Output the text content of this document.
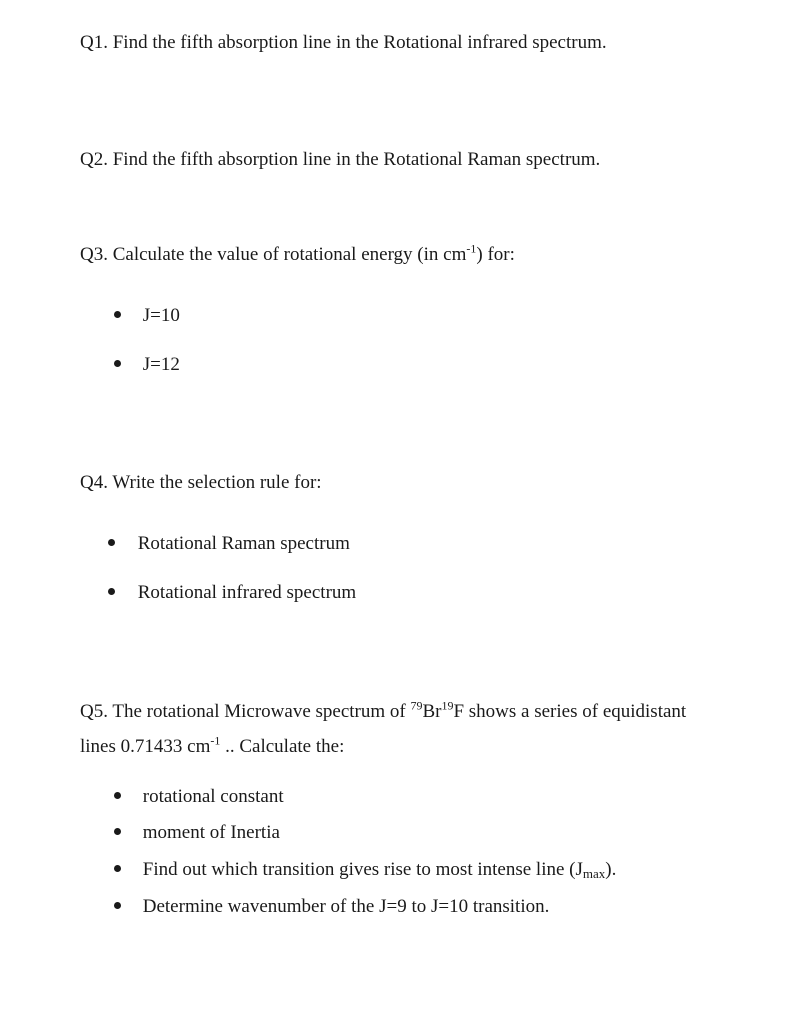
Q1. Find the fifth absorption line in the Rotational infrared spectrum.
Q2. Find the fifth absorption line in the Rotational Raman spectrum.
Q3. Calculate the value of rotational energy (in $cm^{-1}$) for:
J=10
J=12
Q4. Write the selection rule for:
Rotational Raman spectrum
Rotational infrared spectrum
Q5. The rotational Microwave spectrum of $^{79}$Br$^{19}$F shows a series of equidistant
lines 0.71433 $cm^{-1}$ .. Calculate the:
rotational constant
moment of Inertia
Find out which transition gives rise to most intense line $(J_{max})$.
Determine wavenumber of the J=9 to J=10 transition.
